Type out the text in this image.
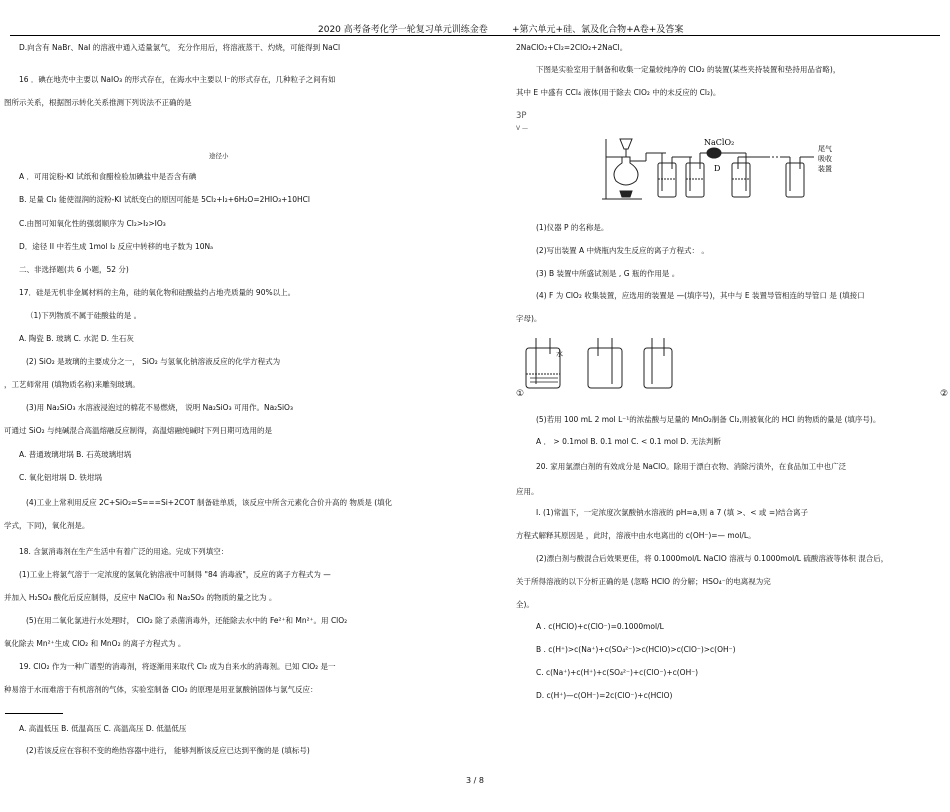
2020 高考备考化学一轮复习单元训练金卷	+第六单元+硅、氯及化合物+A卷+及答案
D.向含有 NaBr、NaI 的溶液中通入适量氯气， 充分作用后，将溶液蒸干、灼烧，可能得到 NaCl
16 ．碘在地壳中主要以 NaIO₃ 的形式存在，在海水中主要以 I⁻的形式存在，几种粒子之间有如
图所示关系，根据图示转化关系推测下列说法不正确的是
途径小
A ．可用淀粉-KI 试纸和食醋检验加碘盐中是否含有碘
B. 足量 Cl₂ 能使湿润的淀粉-KI 试纸变白的原因可能是 5Cl₂+I₂+6H₂O=2HIO₃+10HCl
C.由图可知氧化性的强弱顺序为 Cl₂>I₂>IO₃
D．途径 II 中若生成 1mol I₂ 反应中转移的电子数为 10Nₐ
二、非选择题(共 6 小题，52 分)
17．硅是无机非金属材料的主角，硅的氧化物和硅酸盐约占地壳质量的 90%以上。
（1)下列物质不属于硅酸盐的是 。
A. 陶瓷 B. 玻璃 C. 水泥 D. 生石灰
(2) SiO₂ 是玻璃的主要成分之一， SiO₂ 与氢氧化钠溶液反应的化学方程式为
，工艺师常用 (填物质名称)来雕刻玻璃。
(3)用 Na₂SiO₃ 水溶液浸泡过的棉花不易燃烧， 说明 Na₂SiO₃ 可用作。Na₂SiO₃
可通过 SiO₂ 与纯碱混合高温熔融反应制得，高温熔融纯碱时下列日期可选用的是
A. 普通玻璃坩埚 B. 石英玻璃坩埚
C. 氧化铝坩埚 D. 铁坩埚
(4)工业上常利用反应 2C+SiO₂=S===Si+2COT 制备硅单质，该反应中所含元素化合价升高的 物质是 (填化
学式，下同)，氧化剂是。
18. 含氯消毒剂在生产生活中有着广泛的用途。完成下列填空：
(1)工业上将氯气溶于一定浓度的氢氧化钠溶液中可制得 "84 消毒液"，反应的离子方程式为 —
并加入 H₂SO₄ 酸化后反应制得，反应中 NaClO₃ 和 Na₂SO₃ 的物质的量之比为 。
(5)在用二氧化氯进行水处理时， ClO₂ 除了杀菌消毒外，还能除去水中的 Fe²⁺和 Mn²⁺。用 ClO₂
氧化除去 Mn²⁺生成 ClO₂ 和 MnO₂ 的离子方程式为 。
19. ClO₂ 作为一种广谱型的消毒剂，将逐渐用来取代 Cl₂ 成为自来水的消毒剂。已知 ClO₂ 是一
种易溶于水而难溶于有机溶剂的气体，实验室制备 ClO₂ 的原理是用亚氯酸钠固体与氯气反应：
A. 高温低压 B. 低温高压 C. 高温高压 D. 低温低压
(2)若该反应在容积不变的绝热容器中进行， 能够判断该反应已达到平衡的是 (填标号)
2NaClO₂+Cl₂=2ClO₂+2NaCl。
下图是实验室用于制备和收集一定量较纯净的 ClO₂ 的装置(某些夹持装置和垫持用品省略)，
其中 E 中盛有 CCl₄ 液体(用于除去 ClO₂ 中的未反应的 Cl₂)。
3P
V —
(1)仪器 P 的名称是。
(2)写出装置 A 中烧瓶内发生反应的离子方程式： 。
(3) B 装置中所盛试剂是 , G 瓶的作用是 。
(4) F 为 ClO₂ 收集装置，应选用的装置是 —(填序号)，其中与 E 装置导管相连的导管口 是 (填接口
字母)。
①	②
(5)若用 100 mL 2 mol L⁻¹的浓盐酸与足量的 MnO₂制备 Cl₂,则被氧化的 HCl 的物质的量是 (填序号)。
A ． > 0.1mol B. 0.1 mol C. < 0.1 mol D. 无法判断
20. 家用氯漂白剂的有效成分是 NaClO。除用于漂白衣物、消除污渍外，在食品加工中也广泛
应用。
I. (1)常温下，一定浓度次氯酸钠水溶液的 pH=a,则 a 7 (填 >、< 或 =)结合离子
方程式解释其原因是 ，此时，溶液中由水电离出的 c(OH⁻)=— mol/L。
(2)漂白剂与酸混合后效果更佳，将 0.1000mol/L NaClO 溶液与 0.1000mol/L 硫酸溶液等体积 混合后，
关于所得溶液的以下分析正确的是 (忽略 HClO 的分解；HSO₄⁻的电离视为完
全)。
A . c(HClO)+c(ClO⁻)=0.1000mol/L
B . c(H⁺)>c(Na⁺)+c(SO₄²⁻)>c(HClO)>c(ClO⁻)>c(OH⁻)
C. c(Na⁺)+c(H⁺)+c(SO₄²⁻)+c(ClO⁻)+c(OH⁻)
D. c(H⁺)—c(OH⁻)=2c(ClO⁻)+c(HClO)
NaClO₂
D
尾气
吸收
装置
水
3 / 8
